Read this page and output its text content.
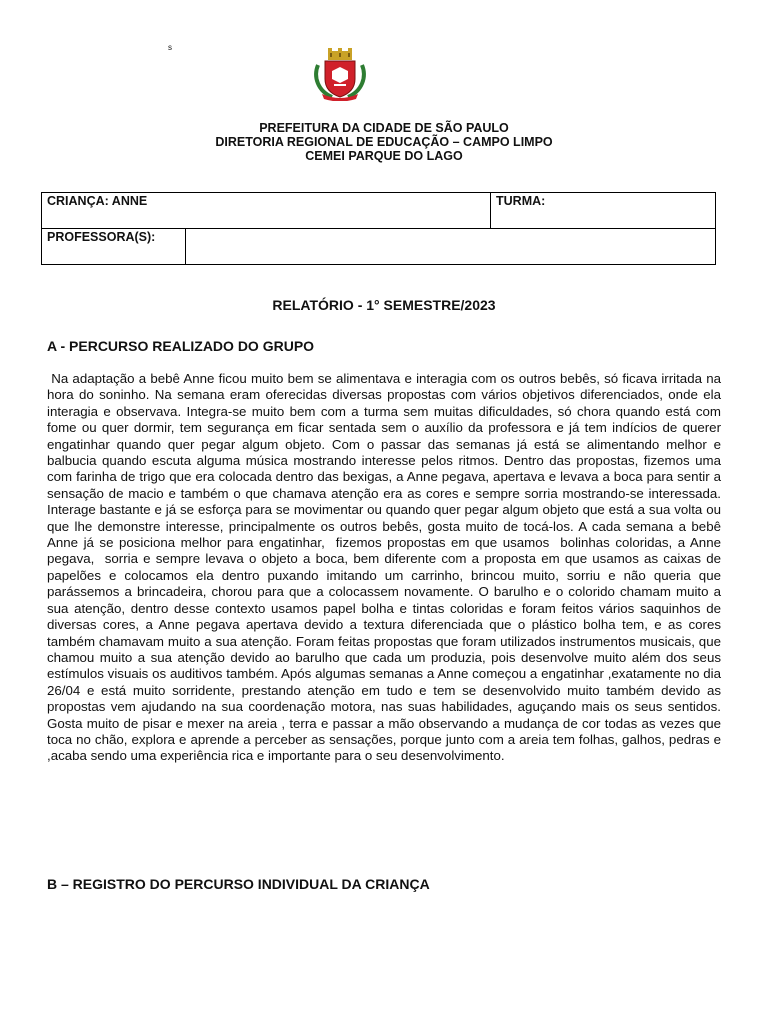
s
PREFEITURA DA CIDADE DE SÃO PAULO
DIRETORIA REGIONAL DE EDUCAÇÃO – CAMPO LIMPO
CEMEI PARQUE DO LAGO
CRIANÇA: ANNE		TURMA:
PROFESSORA(S):		
RELATÓRIO - 1° SEMESTRE/2023
A - PERCURSO REALIZADO DO GRUPO

Na adaptação a bebê Anne ficou muito bem se alimentava e interagia com os outros bebês, só ficava irritada na hora do soninho. Na semana eram oferecidas diversas propostas com vários objetivos diferenciados, onde ela interagia e observava. Integra-se muito bem com a turma sem muitas dificuldades, só chora quando está com fome ou quer dormir, tem segurança em ficar sentada sem o auxílio da professora e já tem indícios de querer engatinhar quando quer pegar algum objeto. Com o passar das semanas já está se alimentando melhor e balbucia quando escuta alguma música mostrando interesse pelos ritmos. Dentro das propostas, fizemos uma com farinha de trigo que era colocada dentro das bexigas, a Anne pegava, apertava e levava a boca para sentir a sensação de macio e também o que chamava atenção era as cores e sempre sorria mostrando-se interessada. Interage bastante e já se esforça para se movimentar ou quando quer pegar algum objeto que está a sua volta ou que lhe demonstre interesse, principalmente os outros bebês, gosta muito de tocá-los. A cada semana a bebê Anne já se posiciona melhor para engatinhar,  fizemos propostas em que usamos  bolinhas coloridas, a Anne pegava,  sorria e sempre levava o objeto a boca, bem diferente com a proposta em que usamos as caixas de papelões e colocamos ela dentro puxando imitando um carrinho, brincou muito, sorriu e não queria que parássemos a brincadeira, chorou para que a colocassem novamente. O barulho e o colorido chamam muito a sua atenção, dentro desse contexto usamos papel bolha e tintas coloridas e foram feitos vários saquinhos de diversas cores, a Anne pegava apertava devido a textura diferenciada que o plástico bolha tem, e as cores também chamavam muito a sua atenção. Foram feitas propostas que foram utilizados instrumentos musicais, que chamou muito a sua atenção devido ao barulho que cada um produzia, pois desenvolve muito além dos seus estímulos visuais os auditivos também. Após algumas semanas a Anne começou a engatinhar ,exatamente no dia 26/04 e está muito sorridente, prestando atenção em tudo e tem se desenvolvido muito também devido as propostas vem ajudando na sua coordenação motora, nas suas habilidades, aguçando mais os seus sentidos. Gosta muito de pisar e mexer na areia , terra e passar a mão observando a mudança de cor todas as vezes que toca no chão, explora e aprende a perceber as sensações, porque junto com a areia tem folhas, galhos, pedras e ,acaba sendo uma experiência rica e importante para o seu desenvolvimento.

B – REGISTRO DO PERCURSO INDIVIDUAL DA CRIANÇA
